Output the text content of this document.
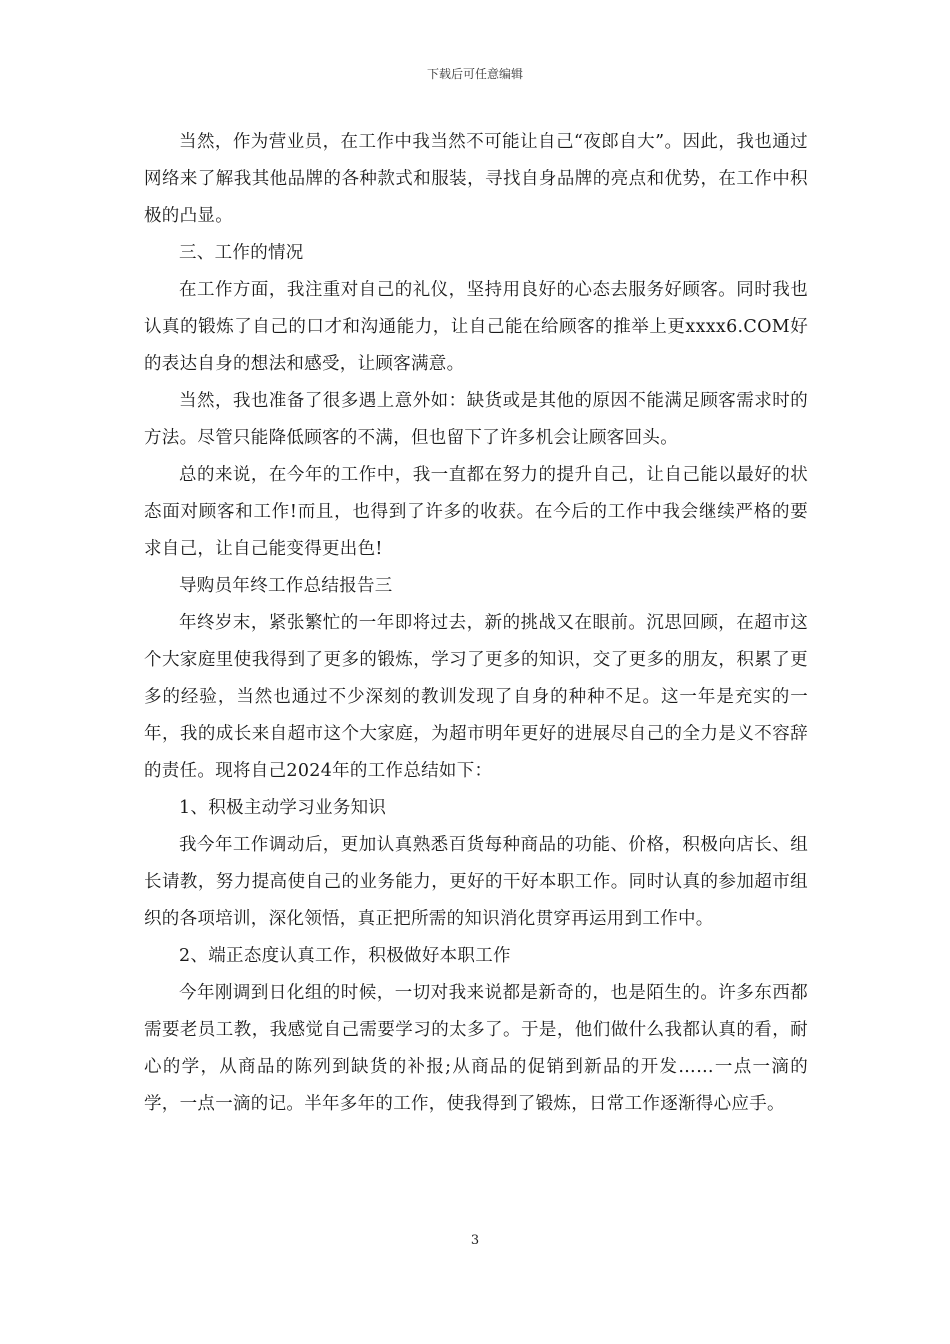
下载后可任意编辑

当然，作为营业员，在工作中我当然不可能让自己“夜郎自大”。因此，我也通过网络来了解我其他品牌的各种款式和服装，寻找自身品牌的亮点和优势，在工作中积极的凸显。

三、工作的情况

在工作方面，我注重对自己的礼仪，坚持用良好的心态去服务好顾客。同时我也认真的锻炼了自己的口才和沟通能力，让自己能在给顾客的推举上更xxxx6.COM好的表达自身的想法和感受，让顾客满意。

当然，我也准备了很多遇上意外如：缺货或是其他的原因不能满足顾客需求时的方法。尽管只能降低顾客的不满，但也留下了许多机会让顾客回头。

总的来说，在今年的工作中，我一直都在努力的提升自己，让自己能以最好的状态面对顾客和工作!而且，也得到了许多的收获。在今后的工作中我会继续严格的要求自己，让自己能变得更出色!

导购员年终工作总结报告三

年终岁末，紧张繁忙的一年即将过去，新的挑战又在眼前。沉思回顾，在超市这个大家庭里使我得到了更多的锻炼，学习了更多的知识，交了更多的朋友，积累了更多的经验，当然也通过不少深刻的教训发现了自身的种种不足。这一年是充实的一年，我的成长来自超市这个大家庭，为超市明年更好的进展尽自己的全力是义不容辞的责任。现将自己2024年的工作总结如下：

1、积极主动学习业务知识

我今年工作调动后，更加认真熟悉百货每种商品的功能、价格，积极向店长、组长请教，努力提高使自己的业务能力，更好的干好本职工作。同时认真的参加超市组织的各项培训，深化领悟，真正把所需的知识消化贯穿再运用到工作中。

2、端正态度认真工作，积极做好本职工作

今年刚调到日化组的时候，一切对我来说都是新奇的，也是陌生的。许多东西都需要老员工教，我感觉自己需要学习的太多了。于是，他们做什么我都认真的看，耐心的学，从商品的陈列到缺货的补报;从商品的促销到新品的开发……一点一滴的学，一点一滴的记。半年多年的工作，使我得到了锻炼，日常工作逐渐得心应手。

3
